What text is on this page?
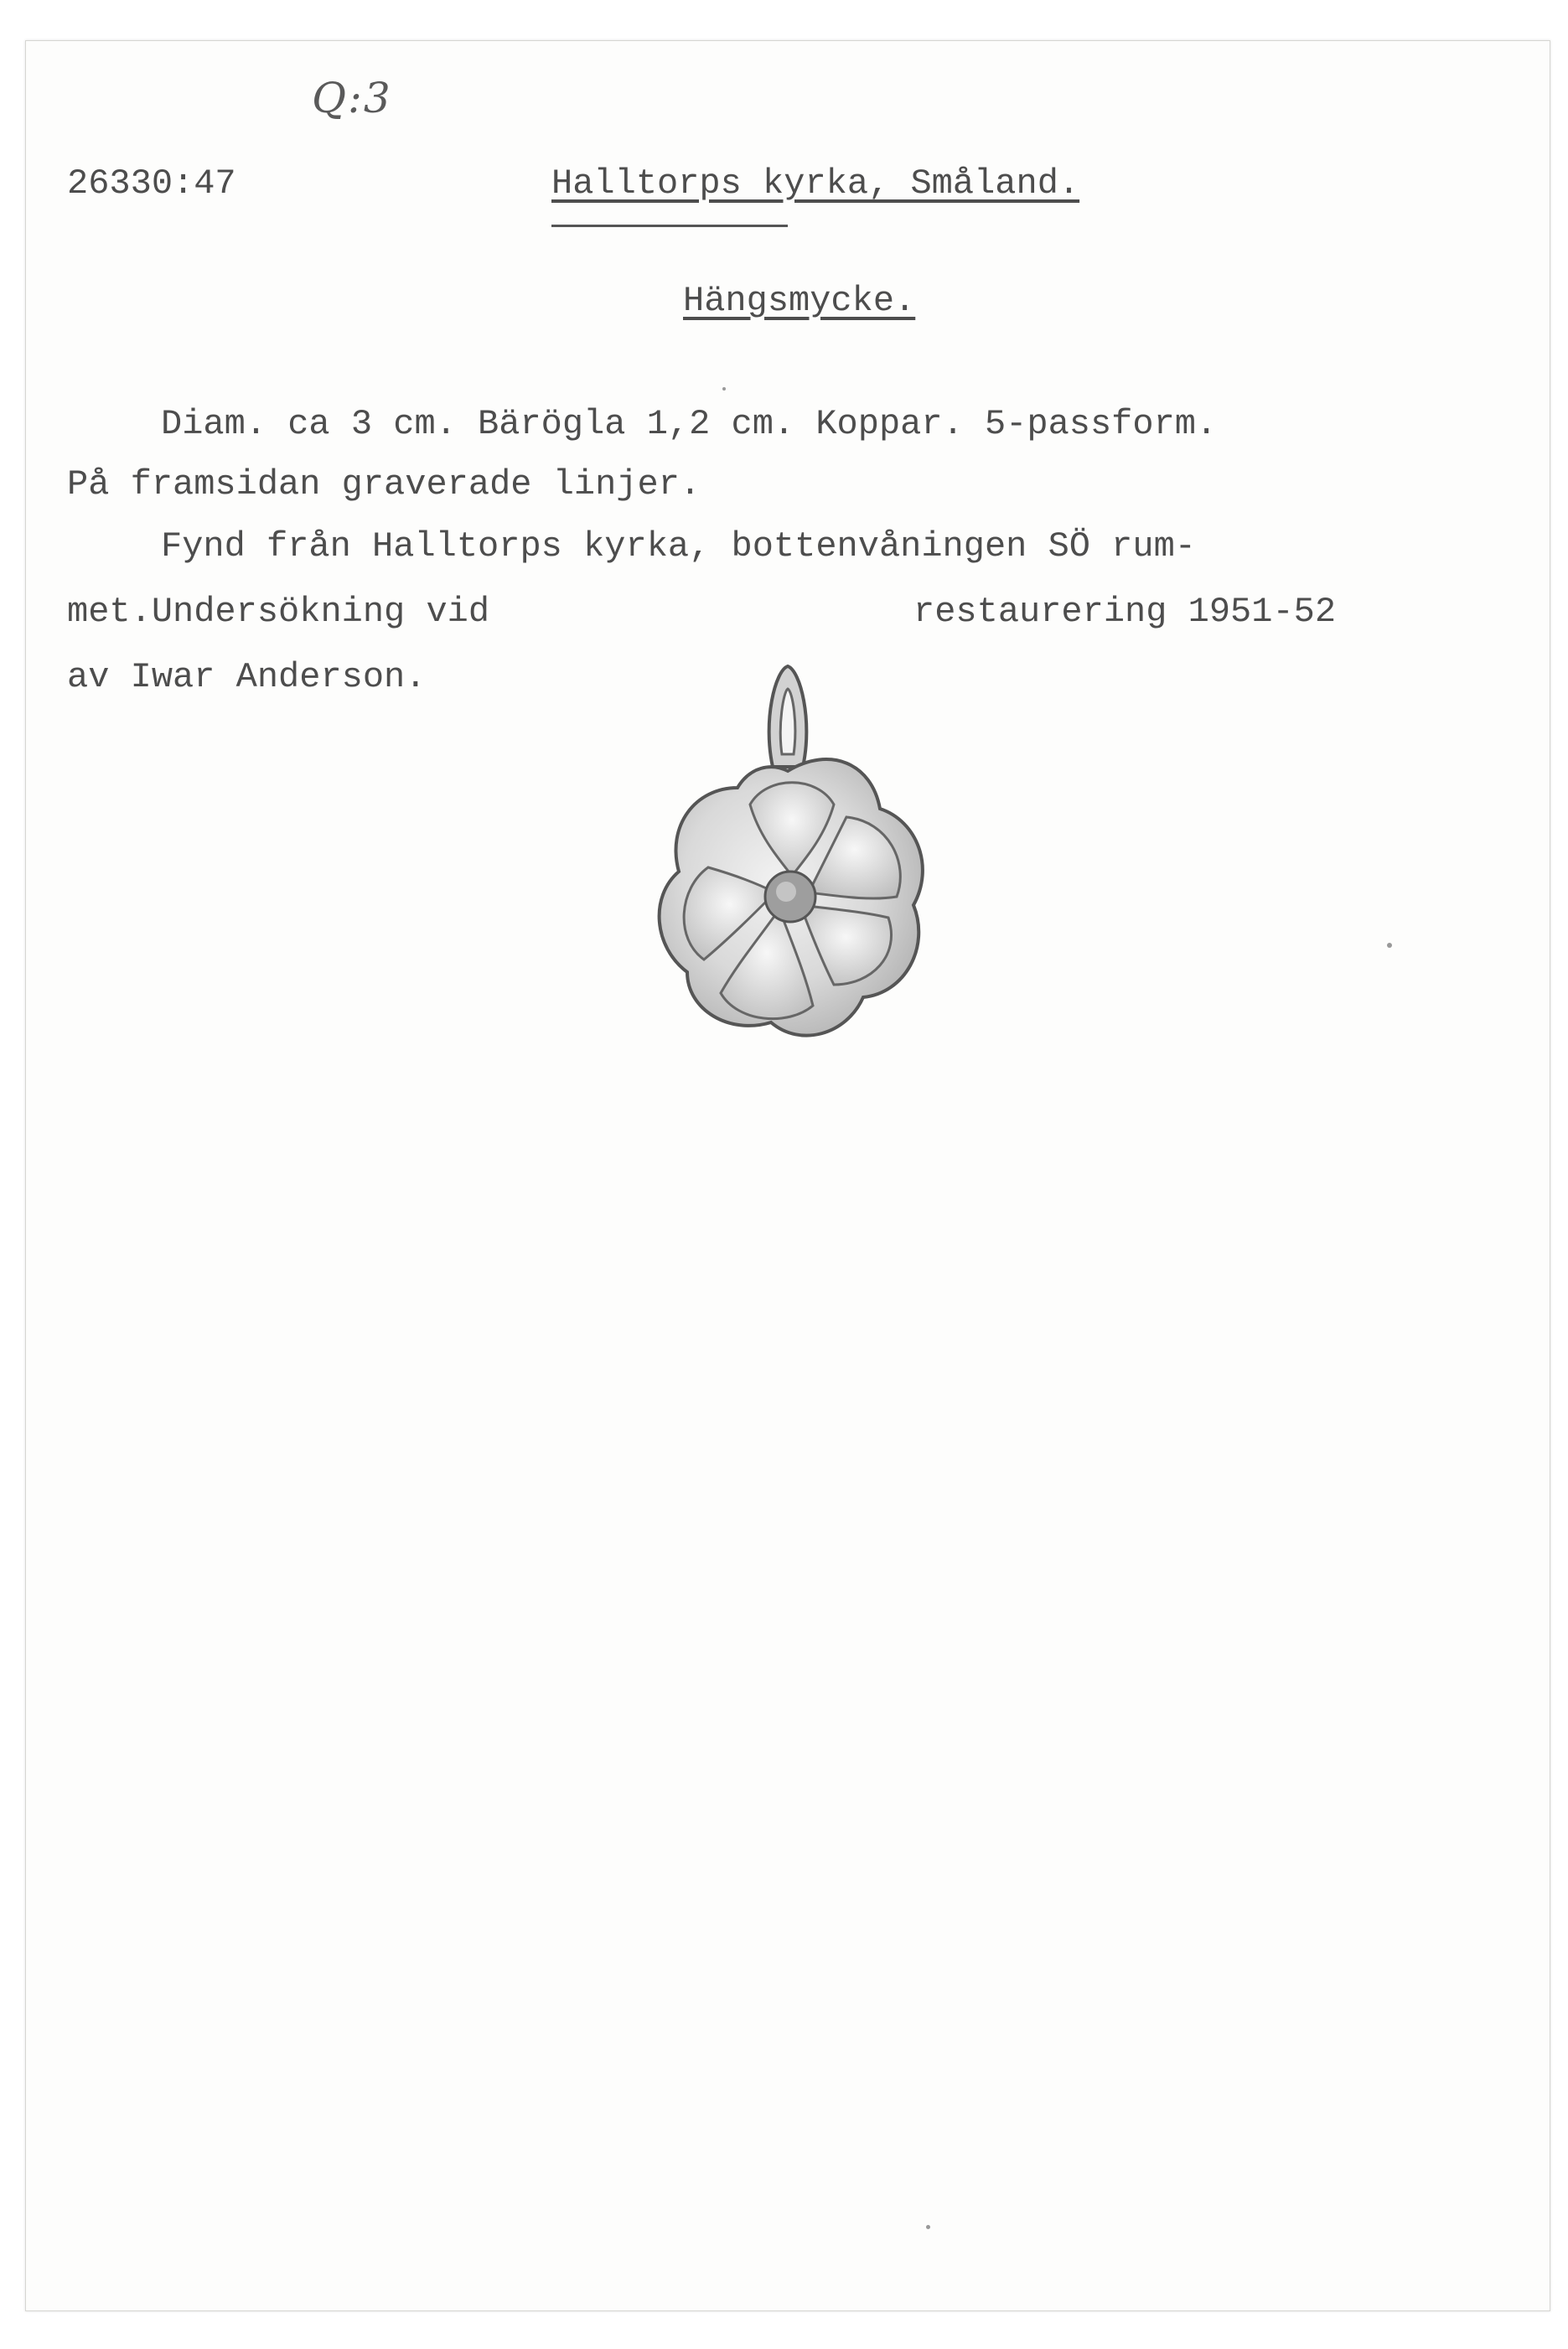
Q:3
26330:47	Halltorps kyrka, Småland.
Hängsmycke.
Diam. ca 3 cm. Bärögla 1,2 cm. Koppar. 5-passform.
På framsidan graverade linjer.
Fynd från Halltorps kyrka, bottenvåningen SÖ rum-
met.Undersökning vid	restaurering 1951-52
av Iwar Anderson.
